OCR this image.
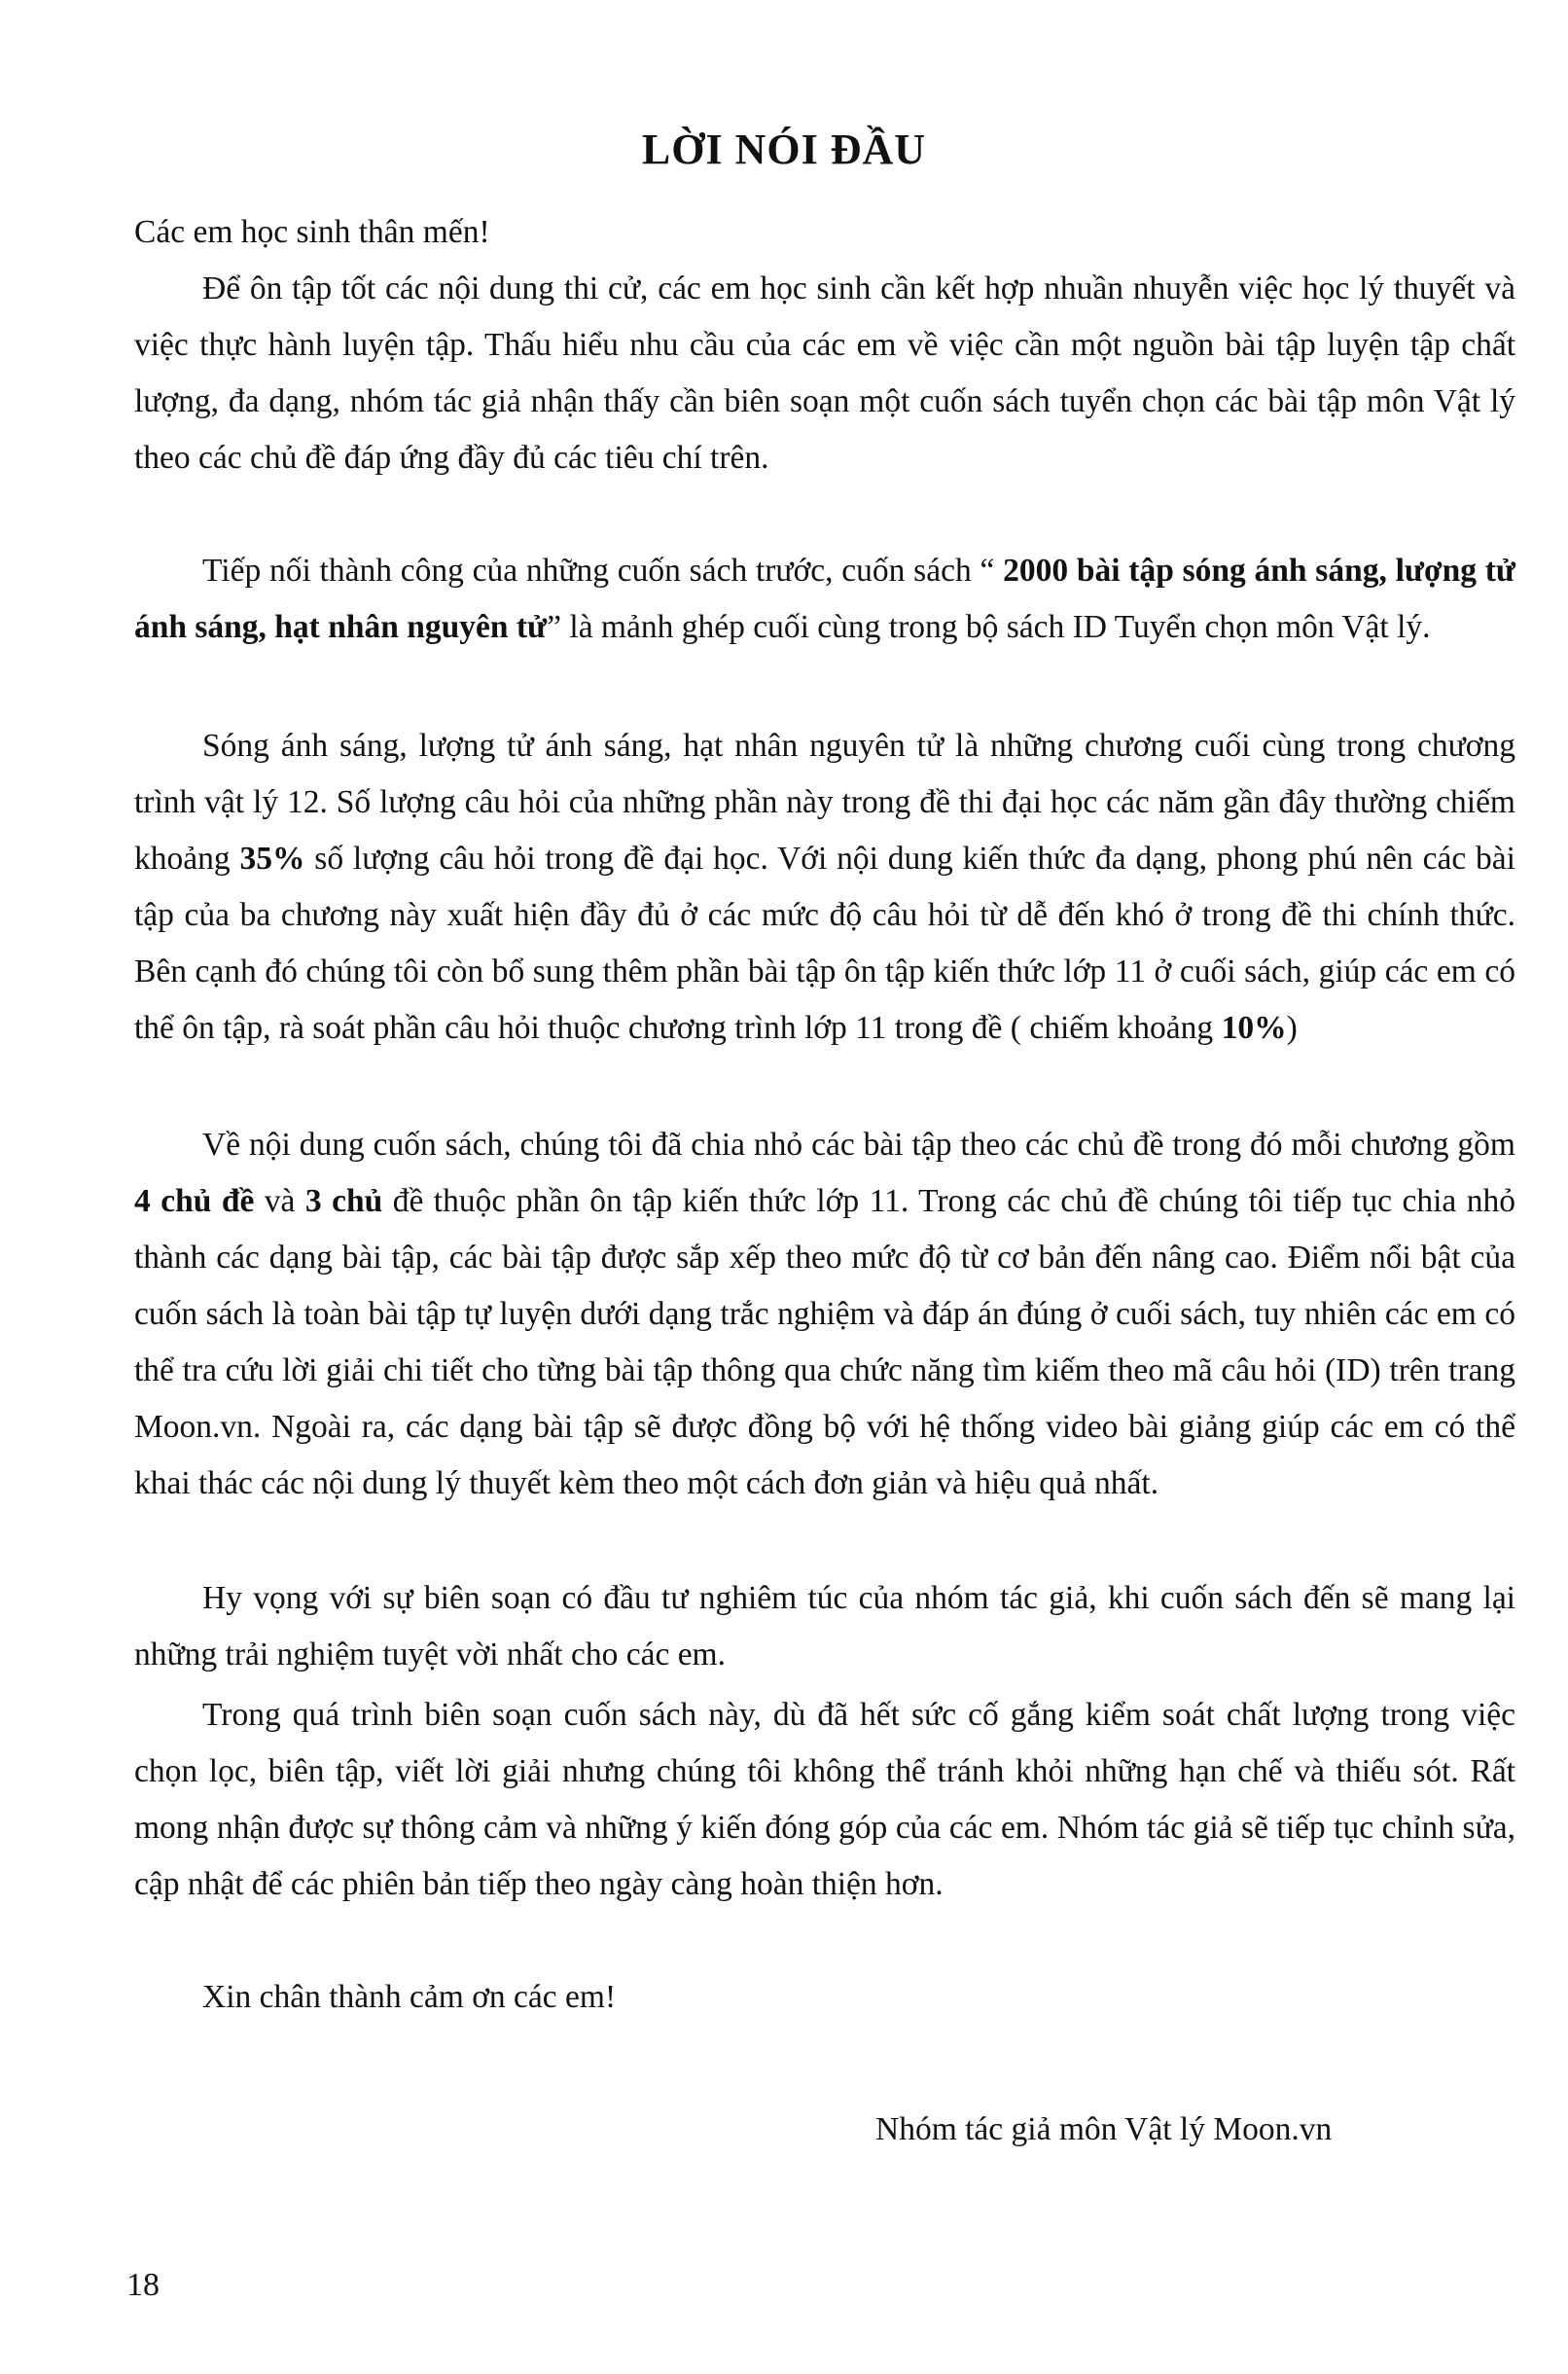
LỜI NÓI ĐẦU

Các em học sinh thân mến!

Để ôn tập tốt các nội dung thi cử, các em học sinh cần kết hợp nhuần nhuyễn việc học lý thuyết và việc thực hành luyện tập. Thấu hiểu nhu cầu của các em về việc cần một nguồn bài tập luyện tập chất lượng, đa dạng, nhóm tác giả nhận thấy cần biên soạn một cuốn sách tuyển chọn các bài tập môn Vật lý theo các chủ đề đáp ứng đầy đủ các tiêu chí trên.

Tiếp nối thành công của những cuốn sách trước, cuốn sách “ 2000 bài tập sóng ánh sáng, lượng tử ánh sáng, hạt nhân nguyên tử” là mảnh ghép cuối cùng trong bộ sách ID Tuyển chọn môn Vật lý.

Sóng ánh sáng, lượng tử ánh sáng, hạt nhân nguyên tử là những chương cuối cùng trong chương trình vật lý 12. Số lượng câu hỏi của những phần này trong đề thi đại học các năm gần đây thường chiếm khoảng 35% số lượng câu hỏi trong đề đại học. Với nội dung kiến thức đa dạng, phong phú nên các bài tập của ba chương này xuất hiện đầy đủ ở các mức độ câu hỏi từ dễ đến khó ở trong đề thi chính thức. Bên cạnh đó chúng tôi còn bổ sung thêm phần bài tập ôn tập kiến thức lớp 11 ở cuối sách, giúp các em có thể ôn tập, rà soát phần câu hỏi thuộc chương trình lớp 11 trong đề ( chiếm khoảng 10%)

Về nội dung cuốn sách, chúng tôi đã chia nhỏ các bài tập theo các chủ đề trong đó mỗi chương gồm 4 chủ đề và 3 chủ đề thuộc phần ôn tập kiến thức lớp 11. Trong các chủ đề chúng tôi tiếp tục chia nhỏ thành các dạng bài tập, các bài tập được sắp xếp theo mức độ từ cơ bản đến nâng cao. Điểm nổi bật của cuốn sách là toàn bài tập tự luyện dưới dạng trắc nghiệm và đáp án đúng ở cuối sách, tuy nhiên các em có thể tra cứu lời giải chi tiết cho từng bài tập thông qua chức năng tìm kiếm theo mã câu hỏi (ID) trên trang Moon.vn. Ngoài ra, các dạng bài tập sẽ được đồng bộ với hệ thống video bài giảng giúp các em có thể khai thác các nội dung lý thuyết kèm theo một cách đơn giản và hiệu quả nhất.

Hy vọng với sự biên soạn có đầu tư nghiêm túc của nhóm tác giả, khi cuốn sách đến sẽ mang lại những trải nghiệm tuyệt vời nhất cho các em.

Trong quá trình biên soạn cuốn sách này, dù đã hết sức cố gắng kiểm soát chất lượng trong việc chọn lọc, biên tập, viết lời giải nhưng chúng tôi không thể tránh khỏi những hạn chế và thiếu sót. Rất mong nhận được sự thông cảm và những ý kiến đóng góp của các em. Nhóm tác giả sẽ tiếp tục chỉnh sửa, cập nhật để các phiên bản tiếp theo ngày càng hoàn thiện hơn.

Xin chân thành cảm ơn các em!

Nhóm tác giả môn Vật lý Moon.vn

18
